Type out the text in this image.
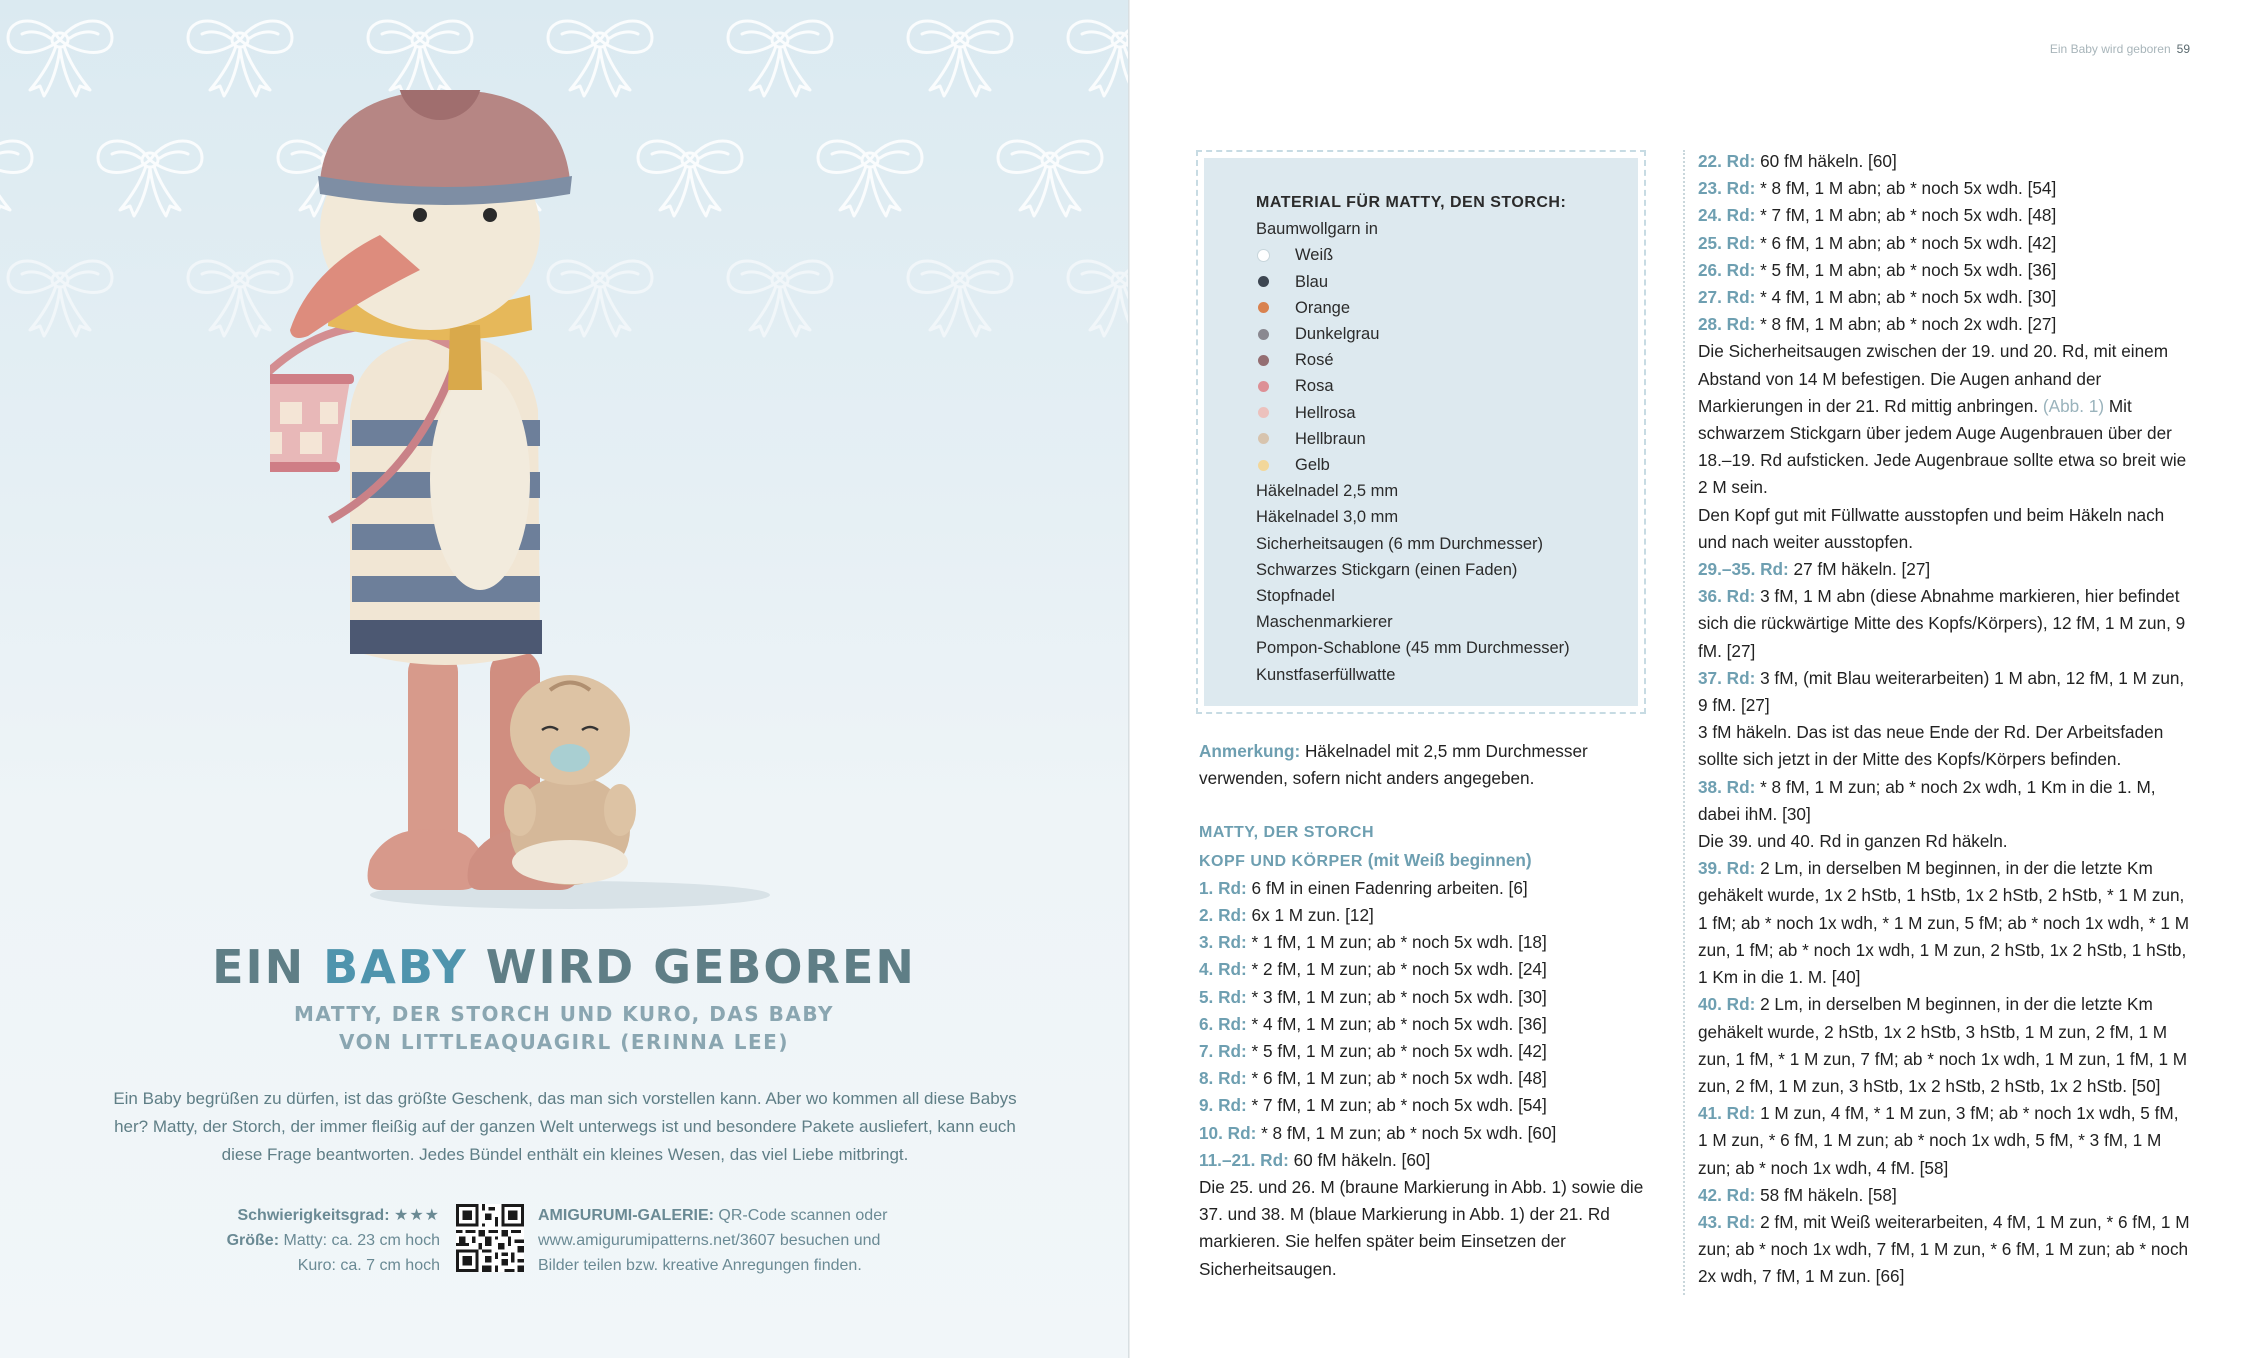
EIN BABY WIRD GEBOREN
MATTY, DER STORCH UND KURO, DAS BABY
VON LITTLEAQUAGIRL (ERINNA LEE)
Ein Baby begrüßen zu dürfen, ist das größte Geschenk, das man sich vorstellen kann. Aber wo kommen all diese Babys her? Matty, der Storch, der immer fleißig auf der ganzen Welt unterwegs ist und besondere Pakete ausliefert, kann euch diese Frage beantworten. Jedes Bündel enthält ein kleines Wesen, das viel Liebe mitbringt.
Schwierigkeitsgrad: ★★★
Größe: Matty: ca. 23 cm hoch
Kuro: ca. 7 cm hoch
AMIGURUMI-GALERIE: QR-Code scannen oder
www.amigurumipatterns.net/3607 besuchen und
Bilder teilen bzw. kreative Anregungen finden.
Ein Baby wird geboren 59
MATERIAL FÜR MATTY, DEN STORCH:
Baumwollgarn in
Weiß
Blau
Orange
Dunkelgrau
Rosé
Rosa
Hellrosa
Hellbraun
Gelb
Häkelnadel 2,5 mm
Häkelnadel 3,0 mm
Sicherheitsaugen (6 mm Durchmesser)
Schwarzes Stickgarn (einen Faden)
Stopfnadel
Maschenmarkierer
Pompon-Schablone (45 mm Durchmesser)
Kunstfaserfüllwatte
Anmerkung: Häkelnadel mit 2,5 mm Durchmesser verwenden, sofern nicht anders angegeben.
MATTY, DER STORCH
KOPF UND KÖRPER (mit Weiß beginnen)
1. Rd: 6 fM in einen Fadenring arbeiten. [6]
2. Rd: 6x 1 M zun. [12]
3. Rd: * 1 fM, 1 M zun; ab * noch 5x wdh. [18]
4. Rd: * 2 fM, 1 M zun; ab * noch 5x wdh. [24]
5. Rd: * 3 fM, 1 M zun; ab * noch 5x wdh. [30]
6. Rd: * 4 fM, 1 M zun; ab * noch 5x wdh. [36]
7. Rd: * 5 fM, 1 M zun; ab * noch 5x wdh. [42]
8. Rd: * 6 fM, 1 M zun; ab * noch 5x wdh. [48]
9. Rd: * 7 fM, 1 M zun; ab * noch 5x wdh. [54]
10. Rd: * 8 fM, 1 M zun; ab * noch 5x wdh. [60]
11.–21. Rd: 60 fM häkeln. [60]
Die 25. und 26. M (braune Markierung in Abb. 1) sowie die 37. und 38. M (blaue Markierung in Abb. 1) der 21. Rd markieren. Sie helfen später beim Einsetzen der Sicherheitsaugen.
22. Rd: 60 fM häkeln. [60]
23. Rd: * 8 fM, 1 M abn; ab * noch 5x wdh. [54]
24. Rd: * 7 fM, 1 M abn; ab * noch 5x wdh. [48]
25. Rd: * 6 fM, 1 M abn; ab * noch 5x wdh. [42]
26. Rd: * 5 fM, 1 M abn; ab * noch 5x wdh. [36]
27. Rd: * 4 fM, 1 M abn; ab * noch 5x wdh. [30]
28. Rd: * 8 fM, 1 M abn; ab * noch 2x wdh. [27]
Die Sicherheitsaugen zwischen der 19. und 20. Rd, mit einem Abstand von 14 M befestigen. Die Augen anhand der Markierungen in der 21. Rd mittig anbringen. (Abb. 1) Mit schwarzem Stickgarn über jedem Auge Augenbrauen über der 18.–19. Rd aufsticken. Jede Augenbraue sollte etwa so breit wie 2 M sein.
Den Kopf gut mit Füllwatte ausstopfen und beim Häkeln nach und nach weiter ausstopfen.
29.–35. Rd: 27 fM häkeln. [27]
36. Rd: 3 fM, 1 M abn (diese Abnahme markieren, hier befindet sich die rückwärtige Mitte des Kopfs/Körpers), 12 fM, 1 M zun, 9 fM. [27]
37. Rd: 3 fM, (mit Blau weiterarbeiten) 1 M abn, 12 fM, 1 M zun, 9 fM. [27]
3 fM häkeln. Das ist das neue Ende der Rd. Der Arbeitsfaden sollte sich jetzt in der Mitte des Kopfs/Körpers befinden.
38. Rd: * 8 fM, 1 M zun; ab * noch 2x wdh, 1 Km in die 1. M, dabei ihM. [30]
Die 39. und 40. Rd in ganzen Rd häkeln.
39. Rd: 2 Lm, in derselben M beginnen, in der die letzte Km gehäkelt wurde, 1x 2 hStb, 1 hStb, 1x 2 hStb, 2 hStb, * 1 M zun, 1 fM; ab * noch 1x wdh, * 1 M zun, 5 fM; ab * noch 1x wdh, * 1 M zun, 1 fM; ab * noch 1x wdh, 1 M zun, 2 hStb, 1x 2 hStb, 1 hStb, 1 Km in die 1. M. [40]
40. Rd: 2 Lm, in derselben M beginnen, in der die letzte Km gehäkelt wurde, 2 hStb, 1x 2 hStb, 3 hStb, 1 M zun, 2 fM, 1 M zun, 1 fM, * 1 M zun, 7 fM; ab * noch 1x wdh, 1 M zun, 1 fM, 1 M zun, 2 fM, 1 M zun, 3 hStb, 1x 2 hStb, 2 hStb, 1x 2 hStb. [50]
41. Rd: 1 M zun, 4 fM, * 1 M zun, 3 fM; ab * noch 1x wdh, 5 fM, 1 M zun, * 6 fM, 1 M zun; ab * noch 1x wdh, 5 fM, * 3 fM, 1 M zun; ab * noch 1x wdh, 4 fM. [58]
42. Rd: 58 fM häkeln. [58]
43. Rd: 2 fM, mit Weiß weiterarbeiten, 4 fM, 1 M zun, * 6 fM, 1 M zun; ab * noch 1x wdh, 7 fM, 1 M zun, * 6 fM, 1 M zun; ab * noch 2x wdh, 7 fM, 1 M zun. [66]
